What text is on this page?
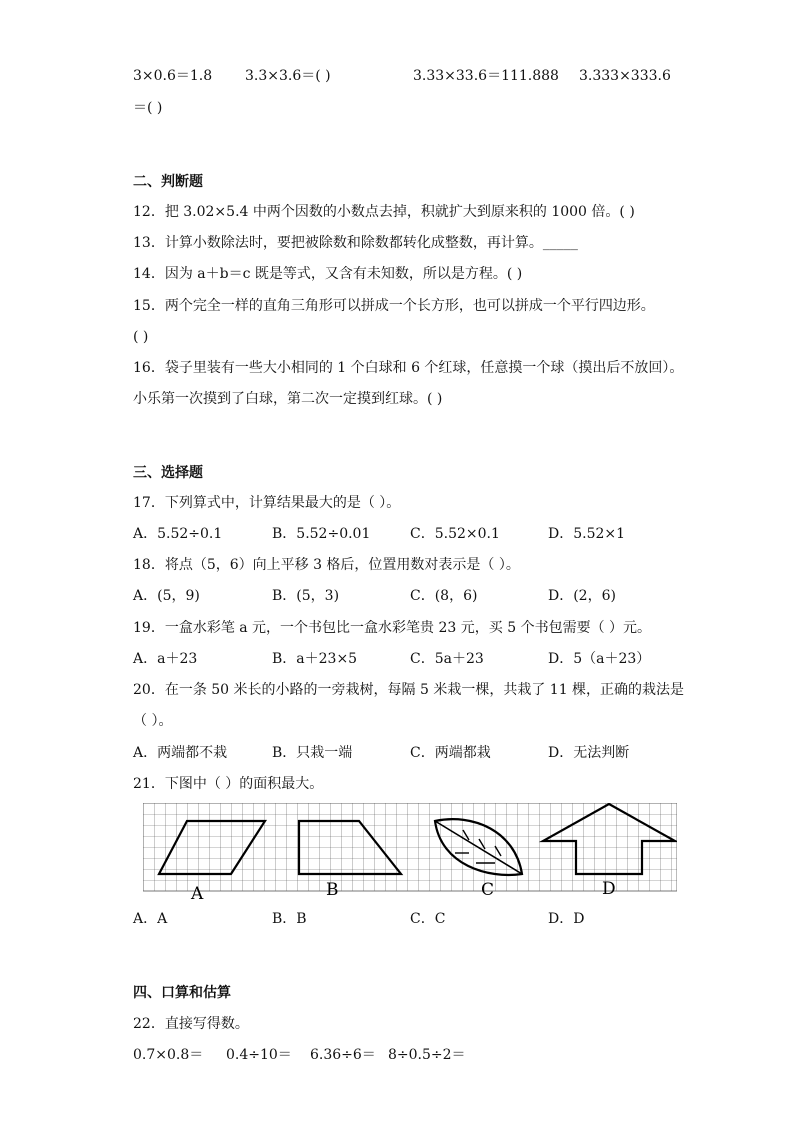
3×0.6＝1.8 3.3×3.6＝( )	3.33×33.6＝111.888 3.333×333.6
＝( )
二、判断题
12．把 3.02×5.4 中两个因数的小数点去掉，积就扩大到原来积的 1000 倍。( )
13．计算小数除法时，要把被除数和除数都转化成整数，再计算。_____
14．因为 a＋b＝c 既是等式，又含有未知数，所以是方程。( )
15．两个完全一样的直角三角形可以拼成一个长方形，也可以拼成一个平行四边形。
( )
16．袋子里装有一些大小相同的 1 个白球和 6 个红球，任意摸一个球（摸出后不放回）。
小乐第一次摸到了白球，第二次一定摸到红球。( )
三、选择题
17．下列算式中，计算结果最大的是（ ）。
A．5.52÷0.1	B．5.52÷0.01	C．5.52×0.1	D．5.52×1
18．将点（5，6）向上平移 3 格后，位置用数对表示是（ ）。
A．(5，9)	B．(5，3)	C．(8，6)	D．(2，6)
19．一盒水彩笔 a 元，一个书包比一盒水彩笔贵 23 元，买 5 个书包需要（ ）元。
A．a＋23	B．a＋23×5	C．5a＋23	D．5（a＋23）
20．在一条 50 米长的小路的一旁栽树，每隔 5 米栽一棵，共栽了 11 棵，正确的栽法是
（ ）。
A．两端都不栽	B．只栽一端	C．两端都栽	D．无法判断
21．下图中（ ）的面积最大。
A	B	C	D
A．A	B．B	C．C	D．D
四、口算和估算
22．直接写得数。
0.7×0.8＝ 0.4÷10＝ 6.36÷6＝ 8÷0.5÷2＝
